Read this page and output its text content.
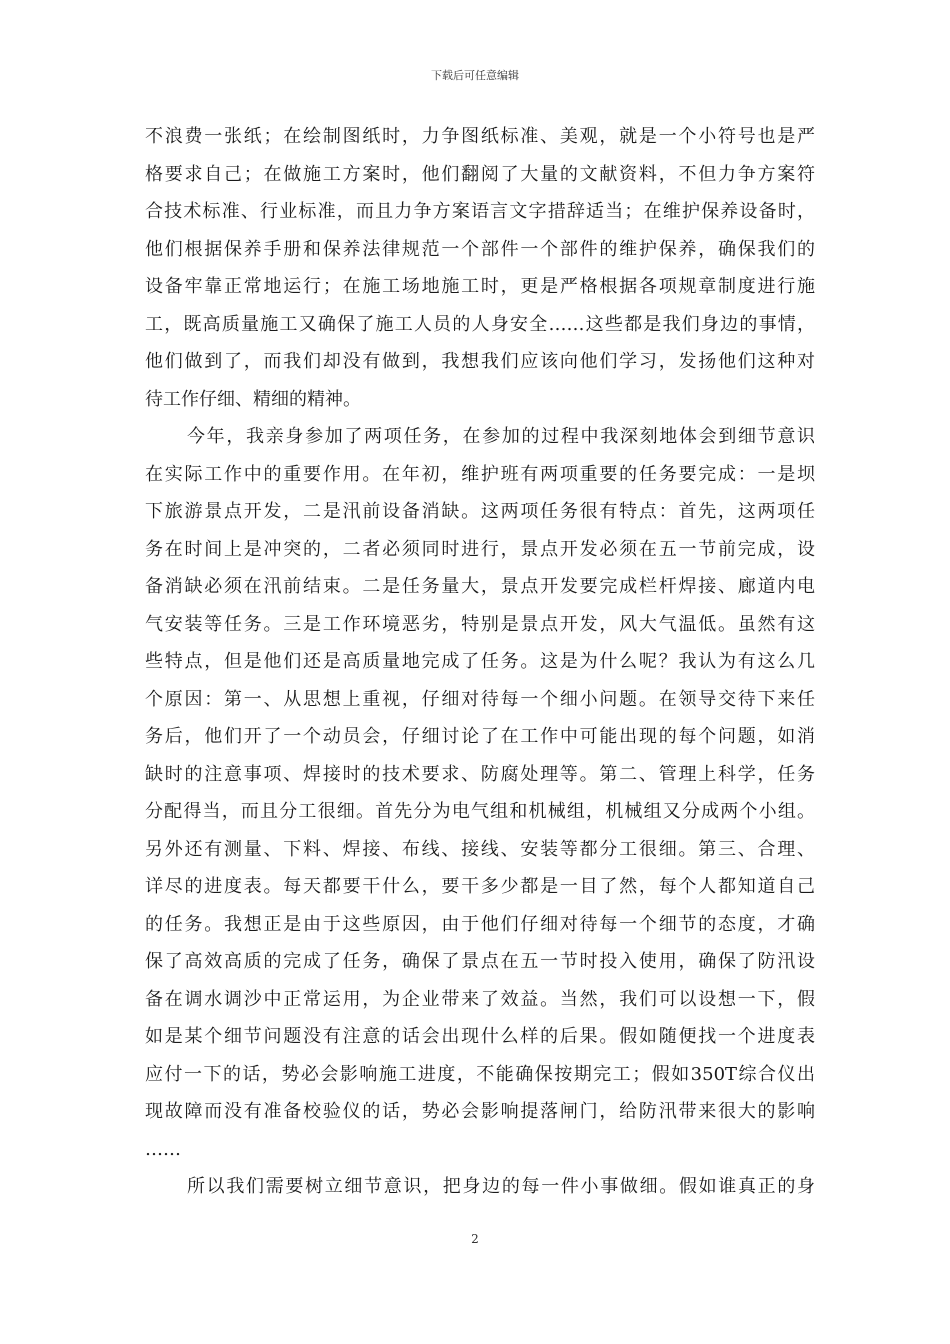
下载后可任意编辑
不浪费一张纸；在绘制图纸时，力争图纸标准、美观，就是一个小符号也是严
格要求自己；在做施工方案时，他们翻阅了大量的文献资料，不但力争方案符
合技术标准、行业标准，而且力争方案语言文字措辞适当；在维护保养设备时，
他们根据保养手册和保养法律规范一个部件一个部件的维护保养，确保我们的
设备牢靠正常地运行；在施工场地施工时，更是严格根据各项规章制度进行施
工，既高质量施工又确保了施工人员的人身安全……这些都是我们身边的事情，
他们做到了，而我们却没有做到，我想我们应该向他们学习，发扬他们这种对
待工作仔细、精细的精神。
今年，我亲身参加了两项任务，在参加的过程中我深刻地体会到细节意识
在实际工作中的重要作用。在年初，维护班有两项重要的任务要完成：一是坝
下旅游景点开发，二是汛前设备消缺。这两项任务很有特点：首先，这两项任
务在时间上是冲突的，二者必须同时进行，景点开发必须在五一节前完成，设
备消缺必须在汛前结束。二是任务量大，景点开发要完成栏杆焊接、廊道内电
气安装等任务。三是工作环境恶劣，特别是景点开发，风大气温低。虽然有这
些特点，但是他们还是高质量地完成了任务。这是为什么呢？我认为有这么几
个原因：第一、从思想上重视，仔细对待每一个细小问题。在领导交待下来任
务后，他们开了一个动员会，仔细讨论了在工作中可能出现的每个问题，如消
缺时的注意事项、焊接时的技术要求、防腐处理等。第二、管理上科学，任务
分配得当，而且分工很细。首先分为电气组和机械组，机械组又分成两个小组。
另外还有测量、下料、焊接、布线、接线、安装等都分工很细。第三、合理、
详尽的进度表。每天都要干什么，要干多少都是一目了然，每个人都知道自己
的任务。我想正是由于这些原因，由于他们仔细对待每一个细节的态度，才确
保了高效高质的完成了任务，确保了景点在五一节时投入使用，确保了防汛设
备在调水调沙中正常运用，为企业带来了效益。当然，我们可以设想一下，假
如是某个细节问题没有注意的话会出现什么样的后果。假如随便找一个进度表
应付一下的话，势必会影响施工进度，不能确保按期完工；假如350T综合仪出
现故障而没有准备校验仪的话，势必会影响提落闸门，给防汛带来很大的影响
……
所以我们需要树立细节意识，把身边的每一件小事做细。假如谁真正的身
2
